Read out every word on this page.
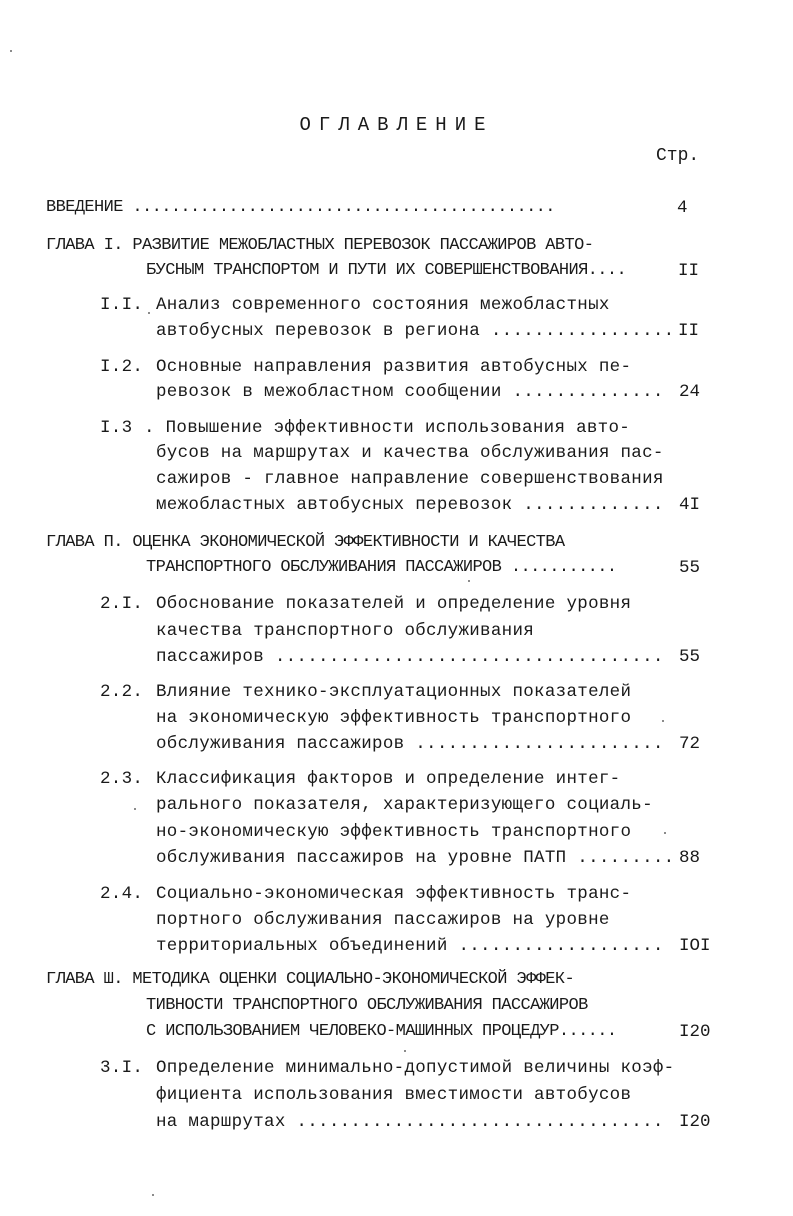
ОГЛАВЛЕНИЕ
Стр.
ВВЕДЕНИЕ ............................................	4
ГЛАВА I. РАЗВИТИЕ МЕЖОБЛАСТНЫХ ПЕРЕВОЗОК ПАССАЖИРОВ АВТО-
БУСНЫМ ТРАНСПОРТОМ И ПУТИ ИХ СОВЕРШЕНСТВОВАНИЯ....	II
I.I. Анализ современного состояния межобластных
автобусных перевозок в регионa ................. II
I.2. Основные направления развития автобусных пе-
ревозок в межобластном сообщении .............. 24
I.3 . Повышение эффективности использования авто-
бусов на маршрутах и качества обслуживания пас-
сажиров - главное направление совершенствования
межобластных автобусных перевозок ............. 4I
ГЛАВА П. ОЦЕНКА ЭКОНОМИЧЕСКОЙ ЭФФЕКТИВНОСТИ И КАЧЕСТВА
ТРАНСПОРТНОГО ОБСЛУЖИВАНИЯ ПАССАЖИРОВ ...........	55
2.I. Обоснование показателей и определение уровня
качества транспортного обслуживания
пассажиров .................................... 55
2.2. Влияние технико-эксплуатационных показателей
на экономическую эффективность транспортного
обслуживания пассажиров ....................... 72
2.3. Классификация факторов и определение интег-
рального показателя, характеризующего социаль-
но-экономическую эффективность транспортного
обслуживания пассажиров на уровне ПАТП ......... 88
2.4. Социально-экономическая эффективность транс-
портного обслуживания пассажиров на уровне
территориальных объединений ................... IOI
ГЛАВА Ш. МЕТОДИКА ОЦЕНКИ СОЦИАЛЬНО-ЭКОНОМИЧЕСКОЙ ЭФФЕК-
ТИВНОСТИ ТРАНСПОРТНОГО ОБСЛУЖИВАНИЯ ПАССАЖИРОВ
С ИСПОЛЬЗОВАНИЕМ ЧЕЛОВЕКО-МАШИННЫХ ПРОЦЕДУР......	I20
3.I. Определение минимально-допустимой величины коэф-
фициента использования вместимости автобусов
на маршрутах .................................. I20
